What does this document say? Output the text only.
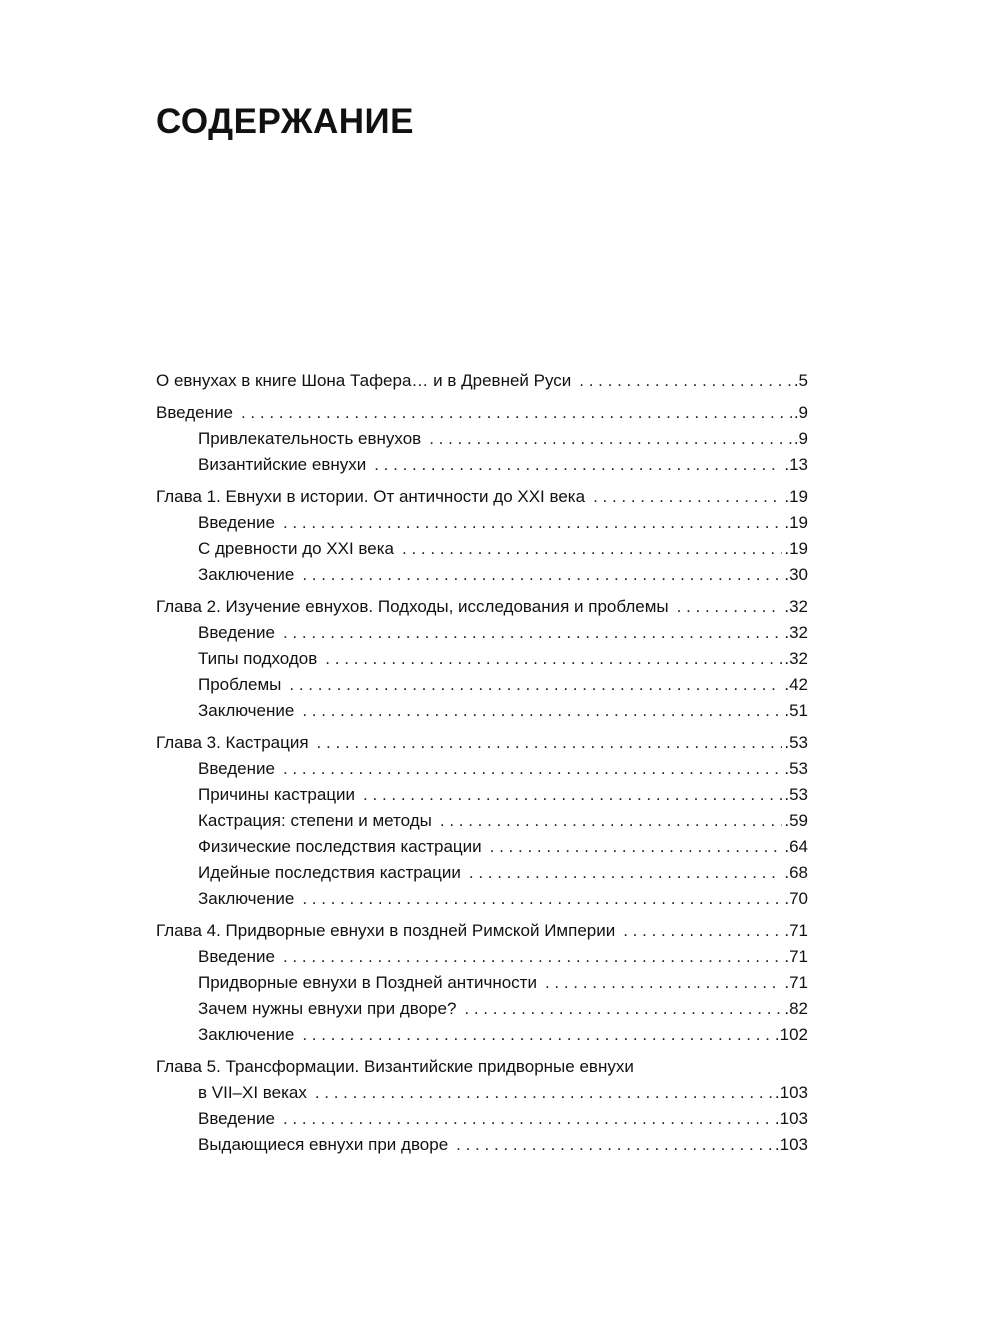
СОДЕРЖАНИЕ
О евнухах в книге Шона Тафера… и в Древней Руси . . .	.5
Введение . . .	.9
Привлекательность евнухов . . .	.9
Византийские евнухи . . .	.13
Глава 1. Евнухи в истории. От античности до XXI века . . .	.19
Введение . . .	.19
С древности до XXI века . . .	.19
Заключение . . .	.30
Глава 2. Изучение евнухов. Подходы, исследования и проблемы . . .	.32
Введение . . .	.32
Типы подходов . . .	.32
Проблемы . . .	.42
Заключение . . .	.51
Глава 3. Кастрация . . .	.53
Введение . . .	.53
Причины кастрации . . .	.53
Кастрация: степени и методы . . .	.59
Физические последствия кастрации . . .	.64
Идейные последствия кастрации . . .	.68
Заключение . . .	.70
Глава 4. Придворные евнухи в поздней Римской Империи . . .	.71
Введение . . .	.71
Придворные евнухи в Поздней античности . . .	.71
Зачем нужны евнухи при дворе? . . .	.82
Заключение . . .	.102
Глава 5. Трансформации. Византийские придворные евнухи
в VII–XI веках . . .	.103
Введение . . .	.103
Выдающиеся евнухи при дворе . . .	.103
